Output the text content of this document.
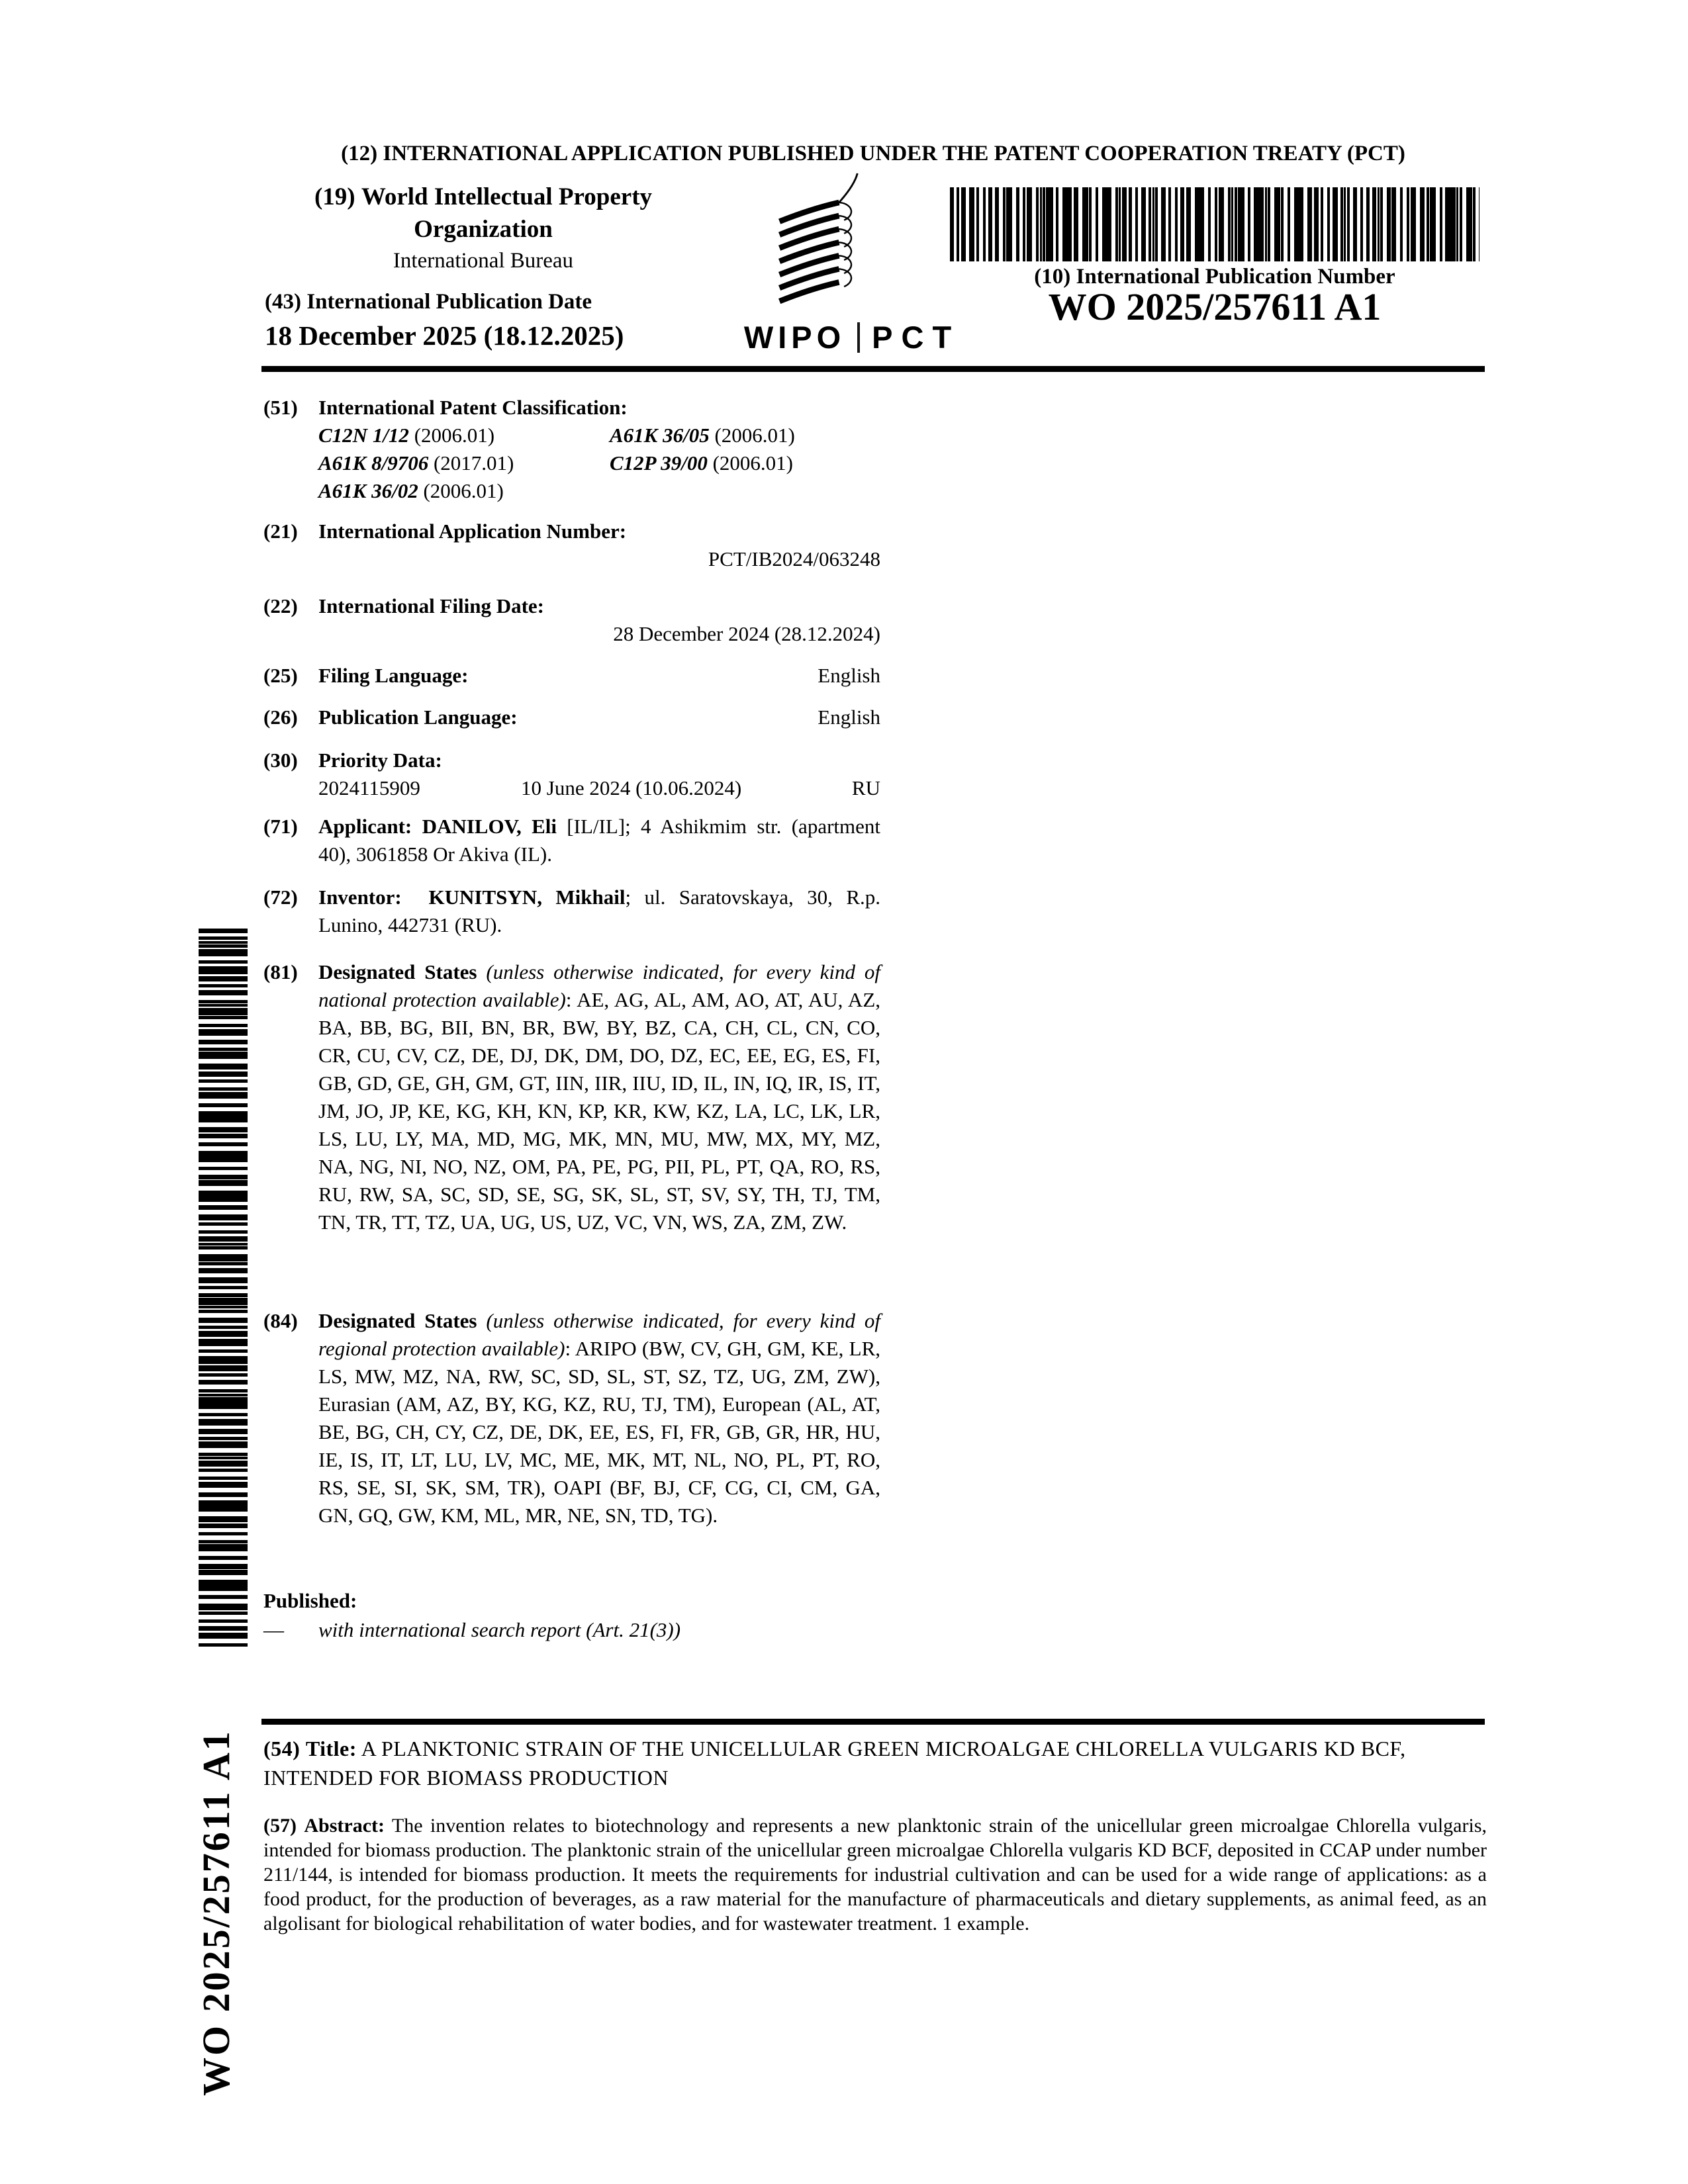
(12) INTERNATIONAL APPLICATION PUBLISHED UNDER THE PATENT COOPERATION TREATY (PCT)
(19) World Intellectual Property
Organization
International Bureau
(43) International Publication Date
18 December 2025 (18.12.2025)	WIPO PCT
(10) International Publication Number
WO 2025/257611 A1
(51)	International Patent Classification:
C12N 1/12 (2006.01)	A61K 36/05 (2006.01)
A61K 8/9706 (2017.01)	C12P 39/00 (2006.01)
A61K 36/02 (2006.01)
(21)	International Application Number:
PCT/IB2024/063248
(22)	International Filing Date:
28 December 2024 (28.12.2024)
(25)	Filing Language:	English
(26)	Publication Language:	English
(30)	Priority Data:
2024115909	10 June 2024 (10.06.2024)	RU
(71)	Applicant: DANILOV, Eli [IL/IL]; 4 Ashikmim str. (apartment 40), 3061858 Or Akiva (IL).
(72)	Inventor: KUNITSYN, Mikhail; ul. Saratovskaya, 30, R.p. Lunino, 442731 (RU).
(81)	Designated States (unless otherwise indicated, for every kind of national protection available): AE, AG, AL, AM, AO, AT, AU, AZ, BA, BB, BG, BII, BN, BR, BW, BY, BZ, CA, CH, CL, CN, CO, CR, CU, CV, CZ, DE, DJ, DK, DM, DO, DZ, EC, EE, EG, ES, FI, GB, GD, GE, GH, GM, GT, IIN, IIR, IIU, ID, IL, IN, IQ, IR, IS, IT, JM, JO, JP, KE, KG, KH, KN, KP, KR, KW, KZ, LA, LC, LK, LR, LS, LU, LY, MA, MD, MG, MK, MN, MU, MW, MX, MY, MZ, NA, NG, NI, NO, NZ, OM, PA, PE, PG, PII, PL, PT, QA, RO, RS, RU, RW, SA, SC, SD, SE, SG, SK, SL, ST, SV, SY, TH, TJ, TM, TN, TR, TT, TZ, UA, UG, US, UZ, VC, VN, WS, ZA, ZM, ZW.
(84)	Designated States (unless otherwise indicated, for every kind of regional protection available): ARIPO (BW, CV, GH, GM, KE, LR, LS, MW, MZ, NA, RW, SC, SD, SL, ST, SZ, TZ, UG, ZM, ZW), Eurasian (AM, AZ, BY, KG, KZ, RU, TJ, TM), European (AL, AT, BE, BG, CH, CY, CZ, DE, DK, EE, ES, FI, FR, GB, GR, HR, HU, IE, IS, IT, LT, LU, LV, MC, ME, MK, MT, NL, NO, PL, PT, RO, RS, SE, SI, SK, SM, TR), OAPI (BF, BJ, CF, CG, CI, CM, GA, GN, GQ, GW, KM, ML, MR, NE, SN, TD, TG).
Published:
—	with international search report (Art. 21(3))
WO 2025/257611 A1	(54) Title: A PLANKTONIC STRAIN OF THE UNICELLULAR GREEN MICROALGAE CHLORELLA VULGARIS KD BCF, INTENDED FOR BIOMASS PRODUCTION
(57) Abstract: The invention relates to biotechnology and represents a new planktonic strain of the unicellular green microalgae Chlorella vulgaris, intended for biomass production. The planktonic strain of the unicellular green microalgae Chlorella vulgaris KD BCF, deposited in CCAP under number 211/144, is intended for biomass production. It meets the requirements for industrial cultivation and can be used for a wide range of applications: as a food product, for the production of beverages, as a raw material for the manufacture of pharmaceuticals and dietary supplements, as animal feed, as an algolisant for biological rehabilitation of water bodies, and for wastewater treatment. 1 example.
